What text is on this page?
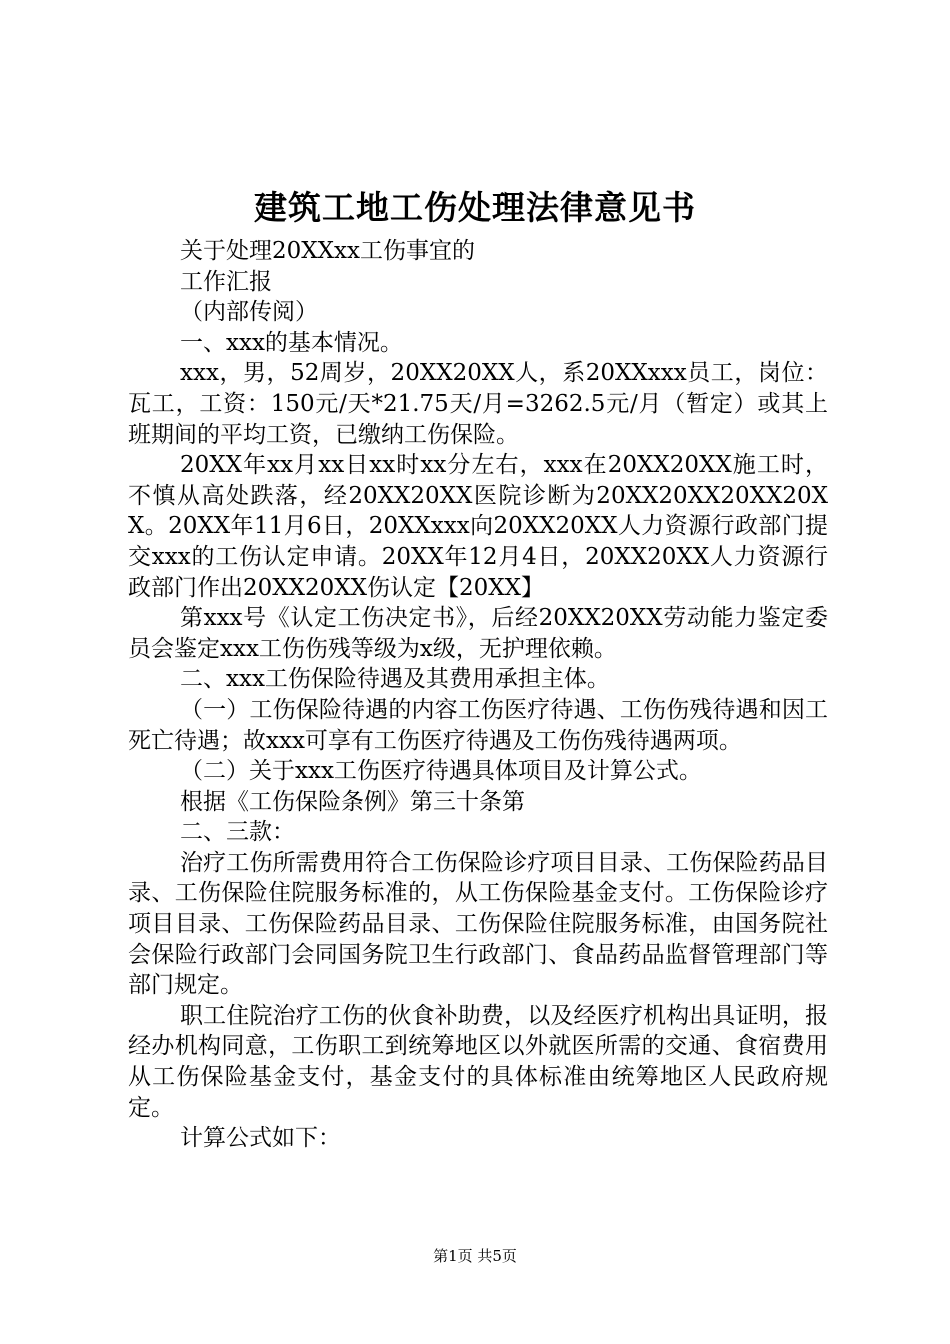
建筑工地工伤处理法律意见书

关于处理20XXxx工伤事宜的

工作汇报

（内部传阅）

一、xxx的基本情况。

xxx，男，52周岁，20XX20XX人，系20XXxxx员工，岗位：瓦工，工资：150元/天*21.75天/月=3262.5元/月（暂定）或其上班期间的平均工资，已缴纳工伤保险。

20XX年xx月xx日xx时xx分左右，xxx在20XX20XX施工时，不慎从高处跌落，经20XX20XX医院诊断为20XX20XX20XX20XX。20XX年11月6日，20XXxxx向20XX20XX人力资源行政部门提交xxx的工伤认定申请。20XX年12月4日，20XX20XX人力资源行政部门作出20XX20XX伤认定【20XX】

第xxx号《认定工伤决定书》，后经20XX20XX劳动能力鉴定委员会鉴定xxx工伤伤残等级为x级，无护理依赖。

二、xxx工伤保险待遇及其费用承担主体。

（一）工伤保险待遇的内容工伤医疗待遇、工伤伤残待遇和因工死亡待遇；故xxx可享有工伤医疗待遇及工伤伤残待遇两项。

（二）关于xxx工伤医疗待遇具体项目及计算公式。

根据《工伤保险条例》第三十条第

二、三款：

治疗工伤所需费用符合工伤保险诊疗项目目录、工伤保险药品目录、工伤保险住院服务标准的，从工伤保险基金支付。工伤保险诊疗项目目录、工伤保险药品目录、工伤保险住院服务标准，由国务院社会保险行政部门会同国务院卫生行政部门、食品药品监督管理部门等部门规定。

职工住院治疗工伤的伙食补助费，以及经医疗机构出具证明，报经办机构同意，工伤职工到统筹地区以外就医所需的交通、食宿费用从工伤保险基金支付，基金支付的具体标准由统筹地区人民政府规定。

计算公式如下：

第1页 共5页
